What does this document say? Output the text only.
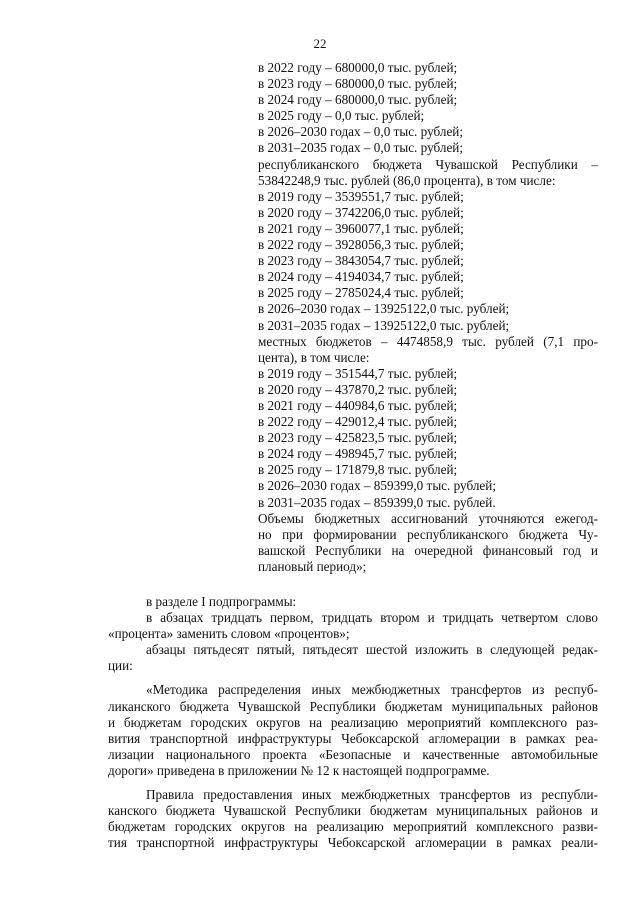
22
в 2022 году – 680000,0 тыс. рублей;
в 2023 году – 680000,0 тыс. рублей;
в 2024 году – 680000,0 тыс. рублей;
в 2025 году – 0,0 тыс. рублей;
в 2026–2030 годах – 0,0 тыс. рублей;
в 2031–2035 годах – 0,0 тыс. рублей;
республиканского бюджета Чувашской Республики –
53842248,9 тыс. рублей (86,0 процента), в том числе:
в 2019 году – 3539551,7 тыс. рублей;
в 2020 году – 3742206,0 тыс. рублей;
в 2021 году – 3960077,1 тыс. рублей;
в 2022 году – 3928056,3 тыс. рублей;
в 2023 году – 3843054,7 тыс. рублей;
в 2024 году – 4194034,7 тыс. рублей;
в 2025 году – 2785024,4 тыс. рублей;
в 2026–2030 годах – 13925122,0 тыс. рублей;
в 2031–2035 годах – 13925122,0 тыс. рублей;
местных бюджетов – 4474858,9 тыс. рублей (7,1 про-
цента), в том числе:
в 2019 году – 351544,7 тыс. рублей;
в 2020 году – 437870,2 тыс. рублей;
в 2021 году – 440984,6 тыс. рублей;
в 2022 году – 429012,4 тыс. рублей;
в 2023 году – 425823,5 тыс. рублей;
в 2024 году – 498945,7 тыс. рублей;
в 2025 году – 171879,8 тыс. рублей;
в 2026–2030 годах – 859399,0 тыс. рублей;
в 2031–2035 годах – 859399,0 тыс. рублей.
Объемы бюджетных ассигнований уточняются ежегод-
но при формировании республиканского бюджета Чу-
вашской Республики на очередной финансовый год и
плановый период»;
в разделе I подпрограммы:
в абзацах тридцать первом, тридцать втором и тридцать четвертом слово
«процента» заменить словом «процентов»;
абзацы пятьдесят пятый, пятьдесят шестой изложить в следующей редак-
ции:
«Методика распределения иных межбюджетных трансфертов из респуб-
ликанского бюджета Чувашской Республики бюджетам муниципальных районов
и бюджетам городских округов на реализацию мероприятий комплексного раз-
вития транспортной инфраструктуры Чебоксарской агломерации в рамках реа-
лизации национального проекта «Безопасные и качественные автомобильные
дороги» приведена в приложении № 12 к настоящей подпрограмме.
Правила предоставления иных межбюджетных трансфертов из республи-
канского бюджета Чувашской Республики бюджетам муниципальных районов и
бюджетам городских округов на реализацию мероприятий комплексного разви-
тия транспортной инфраструктуры Чебоксарской агломерации в рамках реали-
